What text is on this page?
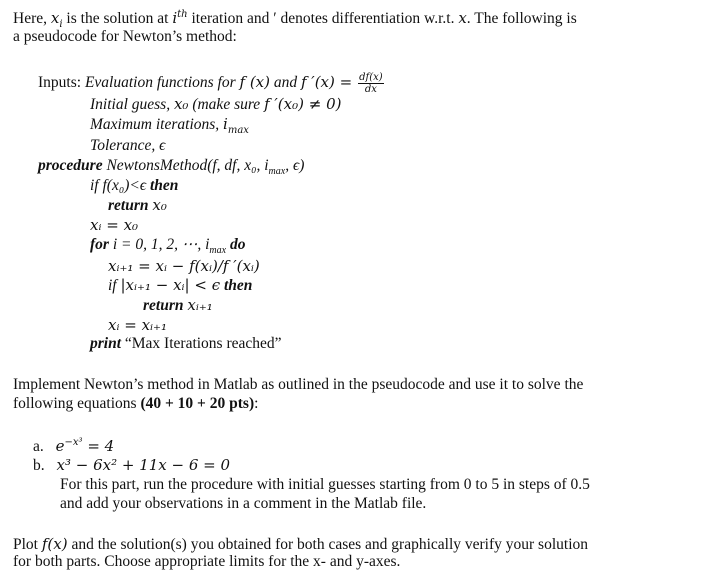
Here, $x_i$ is the solution at $i^{th}$ iteration and ′ denotes differentiation w.r.t. x. The following is
a pseudocode for Newton’s method:
Inputs: Evaluation functions for f (x) and f $'(x) = \frac{df(x)}{dx}$
Initial guess, x₀ (make sure f ′(x₀) ≠ 0)
Maximum iterations, $i_{max}$
Tolerance, ϵ
procedure NewtonsMethod(f, df, x₀, $i_{max}$, ϵ)
if f(x₀)<ϵ then
return x₀
xᵢ = x₀
for i = 0, 1, 2, ⋯, $i_{max}$ do
xᵢ₊₁ = xᵢ − f(xᵢ)/f ′(xᵢ)
if |xᵢ₊₁ − xᵢ| < ϵ then
return xᵢ₊₁
xᵢ = xᵢ₊₁
print “Max Iterations reached”
Implement Newton’s method in Matlab as outlined in the pseudocode and use it to solve the
following equations (40 + 10 + 20 pts):
a. $e^{-x^3} = 4$
b. x³ − 6x² + 11x − 6 = 0
For this part, run the procedure with initial guesses starting from 0 to 5 in steps of 0.5
and add your observations in a comment in the Matlab file.
Plot f(x) and the solution(s) you obtained for both cases and graphically verify your solution
for both parts. Choose appropriate limits for the x- and y-axes.
